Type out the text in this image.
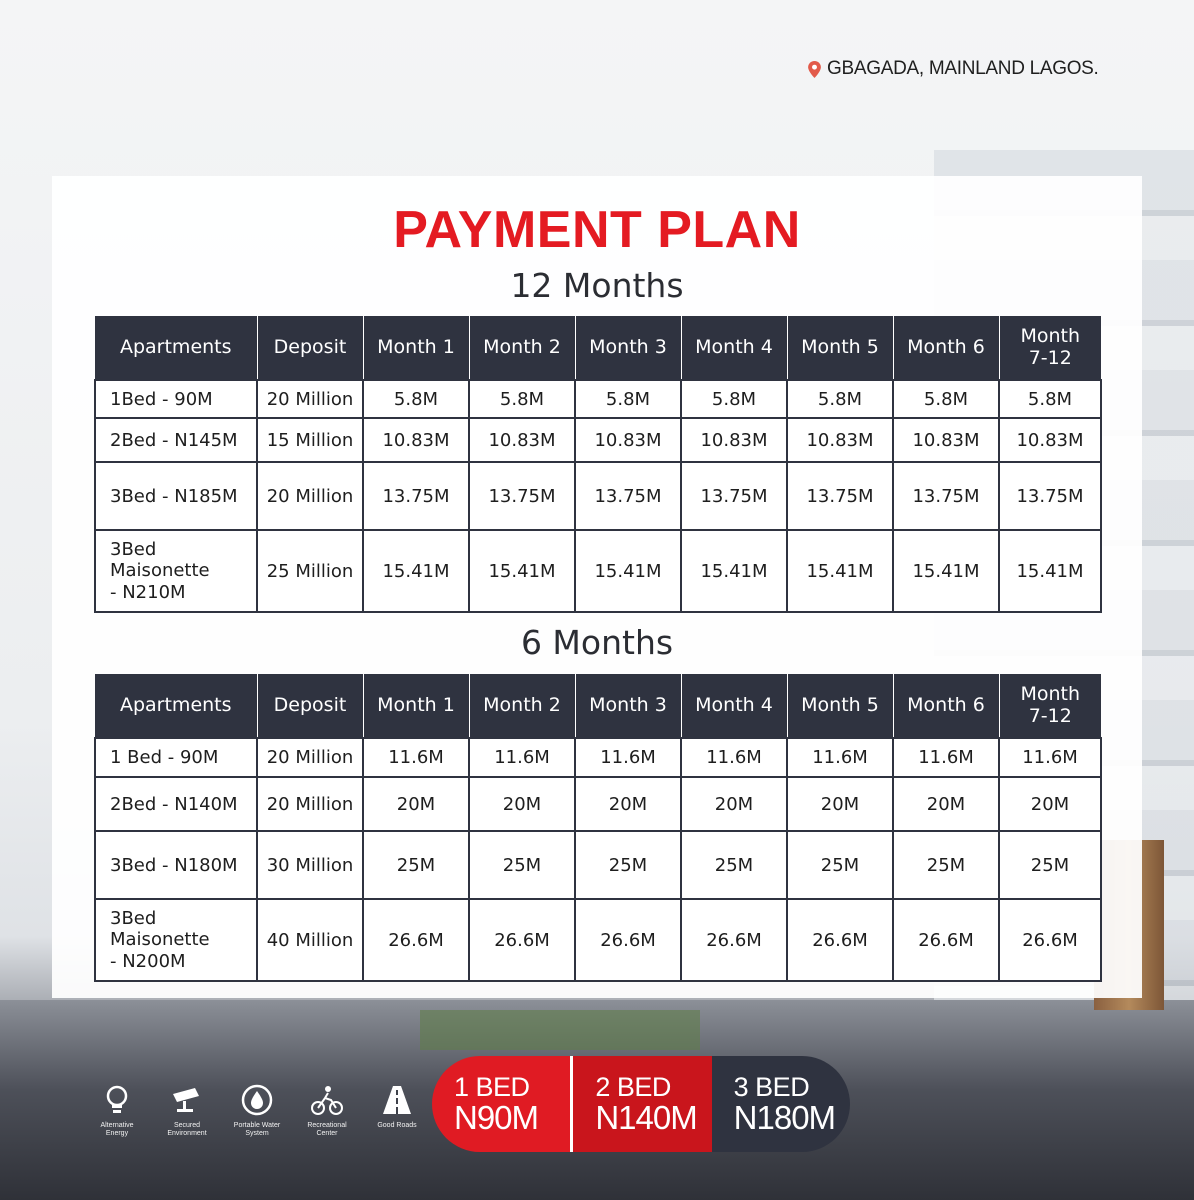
GBAGADA, MAINLAND LAGOS.
PAYMENT PLAN
12 Months
Apartments	Deposit	Month 1	Month 2	Month 3	Month 4	Month 5	Month 6	Month
7-12
1Bed - 90M	20 Million	5.8M	5.8M	5.8M	5.8M	5.8M	5.8M	5.8M
2Bed - N145M	15 Million	10.83M	10.83M	10.83M	10.83M	10.83M	10.83M	10.83M
3Bed - N185M	20 Million	13.75M	13.75M	13.75M	13.75M	13.75M	13.75M	13.75M
3Bed
Maisonette
- N210M	25 Million	15.41M	15.41M	15.41M	15.41M	15.41M	15.41M	15.41M
6 Months
Apartments	Deposit	Month 1	Month 2	Month 3	Month 4	Month 5	Month 6	Month
7-12
1 Bed - 90M	20 Million	11.6M	11.6M	11.6M	11.6M	11.6M	11.6M	11.6M
2Bed - N140M	20 Million	20M	20M	20M	20M	20M	20M	20M
3Bed - N180M	30 Million	25M	25M	25M	25M	25M	25M	25M
3Bed
Maisonette
- N200M	40 Million	26.6M	26.6M	26.6M	26.6M	26.6M	26.6M	26.6M
Alternative
Energy
Secured
Environment
Portable Water
System
Recreational
Center
Good Roads
1 BED
N90M
2 BED
N140M
3 BED
N180M
